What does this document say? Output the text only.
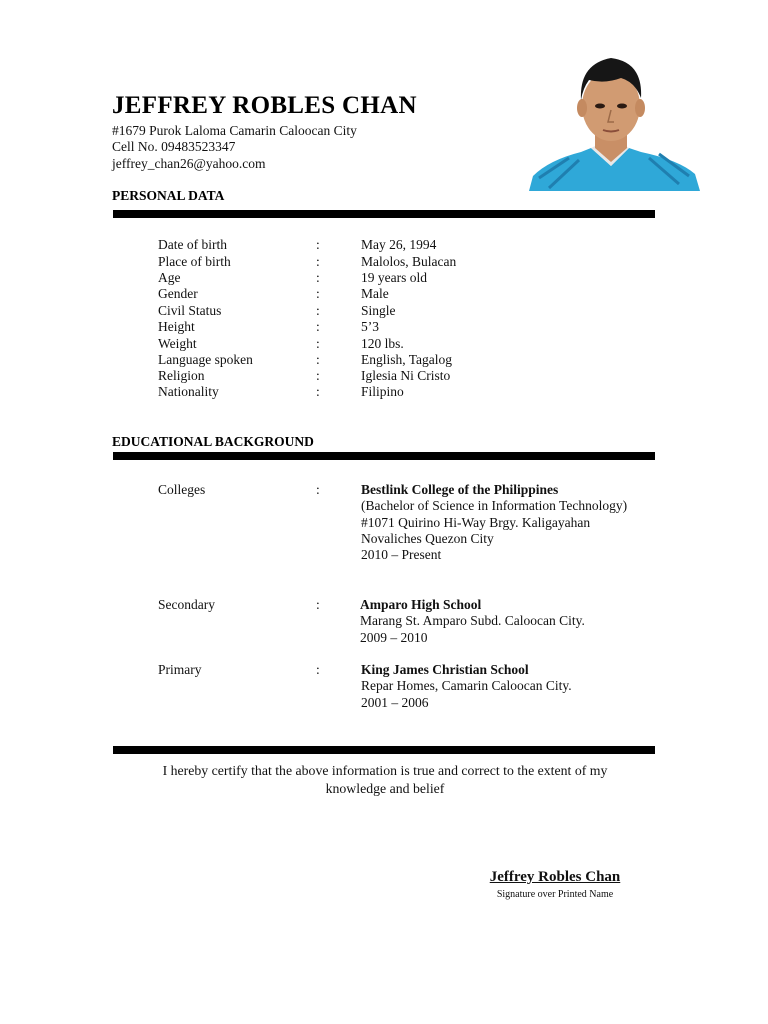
JEFFREY ROBLES CHAN
#1679 Purok Laloma Camarin Caloocan City
Cell No. 09483523347
jeffrey_chan26@yahoo.com
PERSONAL DATA
Date of birth	:	May 26, 1994
Place of birth	:	Malolos, Bulacan
Age	:	19 years old
Gender	:	Male
Civil Status	:	Single
Height	:	5’3
Weight	:	120 lbs.
Language spoken	:	English, Tagalog
Religion	:	Iglesia Ni Cristo
Nationality	:	Filipino
EDUCATIONAL BACKGROUND
Colleges	:	Bestlink College of the Philippines
(Bachelor of Science in Information Technology)
#1071 Quirino Hi-Way Brgy. Kaligayahan
Novaliches Quezon City
2010 – Present
Secondary	:	Amparo High School
Marang St. Amparo Subd. Caloocan City.
2009 – 2010
Primary	:	King James Christian School
Repar Homes, Camarin Caloocan City.
2001 – 2006
I hereby certify that the above information is true and correct to the extent of my
knowledge and belief
Jeffrey Robles Chan
Signature over Printed Name
